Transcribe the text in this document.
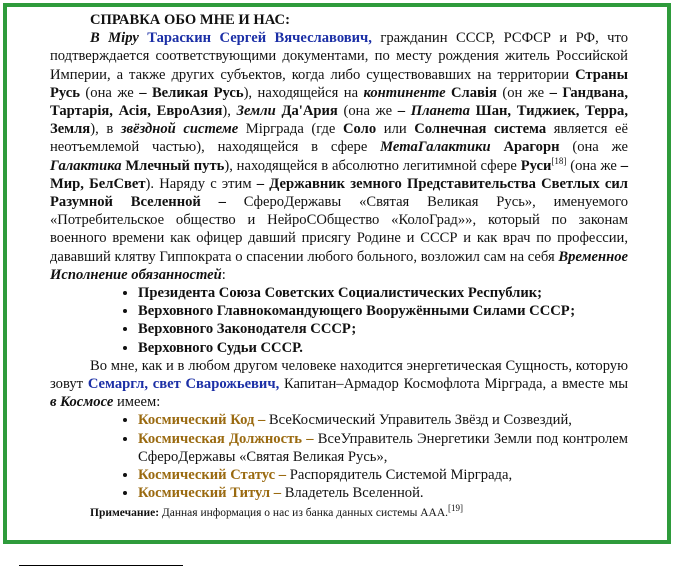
СПРАВКА ОБО МНЕ И НАС:

В Міру Тараскин Сергей Вячеславович, гражданин СССР, РСФСР и РФ, что подтверждается соответствующими документами, по месту рождения житель Российской Империи, а также других субъектов, когда либо существовавших на территории Страны Русь (она же – Великая Русь), находящейся на континенте Славія (он же – Гандвана, Тартарія, Асія, ЕвроАзия), Земли Да'Ария (она же – Планета Шан, Тиджиек, Терра, Земля), в звёздной системе Мірграда (где Соло или Солнечная система является её неотъемлемой частью), находящейся в сфере МетаГалактики Арагорн (она же Галактика Млечный путь), находящейся в абсолютно легитимной сфере Руси[18] (она же – Мир, БелСвет). Наряду с этим – Державник земного Представительства Светлых сил Разумной Вселенной – СфероДержавы «Святая Великая Русь», именуемого «Потребительское общество и НейроСОбщество «КолоГрад»», который по законам военного времени как офицер давший присягу Родине и СССР и как врач по профессии, дававший клятву Гиппократа о спасении любого больного, возложил сам на себя Временное Исполнение обязанностей:

• Президента Союза Советских Социалистических Республик;
• Верховного Главнокомандующего Вооружёнными Силами СССР;
• Верховного Законодателя СССР;
• Верховного Судьи СССР.

Во мне, как и в любом другом человеке находится энергетическая Сущность, которую зовут Семаргл, свет Сварожьевич, Капитан–Армадор Космофлота Мірграда, а вместе мы в Космосе имеем:

• Космический Код – ВсеКосмический Управитель Звёзд и Созвездий,
• Космическая Должность – ВсеУправитель Энергетики Земли под контролем СфероДержавы «Святая Великая Русь»,
• Космический Статус – Распорядитель Системой Мірграда,
• Космический Титул – Владетель Вселенной.
Примечание: Данная информация о нас из банка данных системы ААА.[19]
